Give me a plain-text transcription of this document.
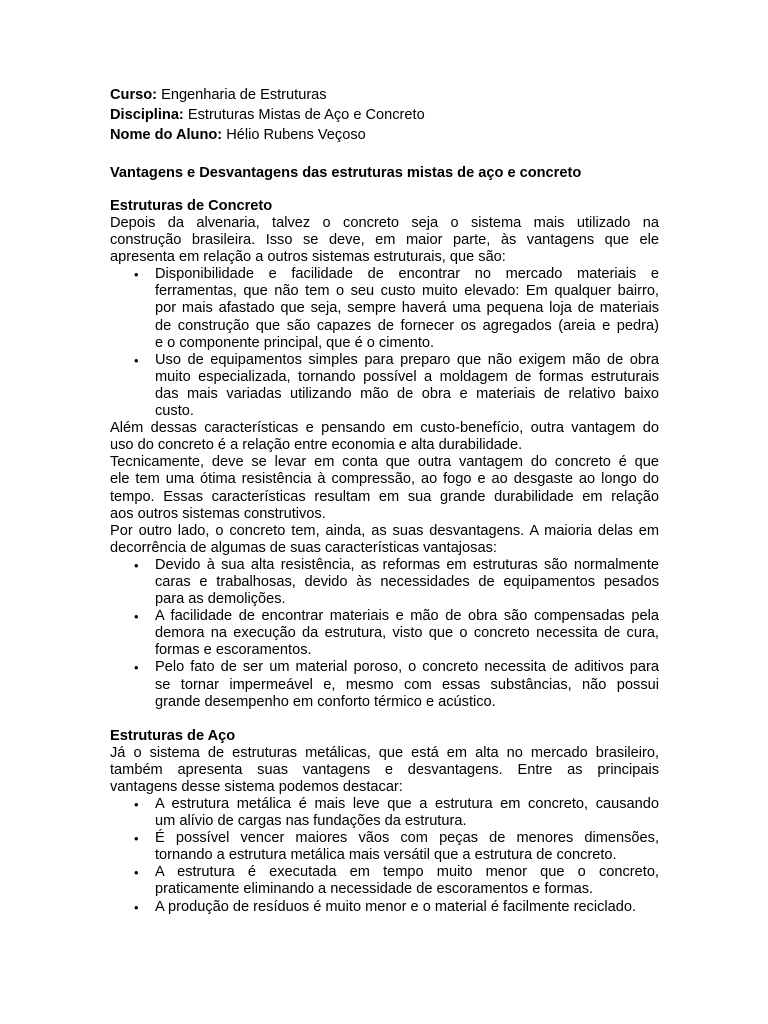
Curso: Engenharia de Estruturas

Disciplina: Estruturas Mistas de Aço e Concreto

Nome do Aluno: Hélio Rubens Veçoso

Vantagens e Desvantagens das estruturas mistas de aço e concreto

Estruturas de Concreto

Depois da alvenaria, talvez o concreto seja o sistema mais utilizado na
construção brasileira. Isso se deve, em maior parte, às vantagens que ele
apresenta em relação a outros sistemas estruturais, que são:
• Disponibilidade e facilidade de encontrar no mercado materiais e
ferramentas, que não tem o seu custo muito elevado: Em qualquer bairro,
por mais afastado que seja, sempre haverá uma pequena loja de materiais
de construção que são capazes de fornecer os agregados (areia e pedra)
e o componente principal, que é o cimento.
• Uso de equipamentos simples para preparo que não exigem mão de obra
muito especializada, tornando possível a moldagem de formas estruturais
das mais variadas utilizando mão de obra e materiais de relativo baixo
custo.
Além dessas características e pensando em custo-benefício, outra vantagem do
uso do concreto é a relação entre economia e alta durabilidade.
Tecnicamente, deve se levar em conta que outra vantagem do concreto é que
ele tem uma ótima resistência à compressão, ao fogo e ao desgaste ao longo do
tempo. Essas características resultam em sua grande durabilidade em relação
aos outros sistemas construtivos.
Por outro lado, o concreto tem, ainda, as suas desvantagens. A maioria delas em
decorrência de algumas de suas características vantajosas:
• Devido à sua alta resistência, as reformas em estruturas são normalmente
caras e trabalhosas, devido às necessidades de equipamentos pesados
para as demolições.
• A facilidade de encontrar materiais e mão de obra são compensadas pela
demora na execução da estrutura, visto que o concreto necessita de cura,
formas e escoramentos.
• Pelo fato de ser um material poroso, o concreto necessita de aditivos para
se tornar impermeável e, mesmo com essas substâncias, não possui
grande desempenho em conforto térmico e acústico.

Estruturas de Aço

Já o sistema de estruturas metálicas, que está em alta no mercado brasileiro,
também apresenta suas vantagens e desvantagens. Entre as principais
vantagens desse sistema podemos destacar:
• A estrutura metálica é mais leve que a estrutura em concreto, causando
um alívio de cargas nas fundações da estrutura.
• É possível vencer maiores vãos com peças de menores dimensões,
tornando a estrutura metálica mais versátil que a estrutura de concreto.
• A estrutura é executada em tempo muito menor que o concreto,
praticamente eliminando a necessidade de escoramentos e formas.
• A produção de resíduos é muito menor e o material é facilmente reciclado.
